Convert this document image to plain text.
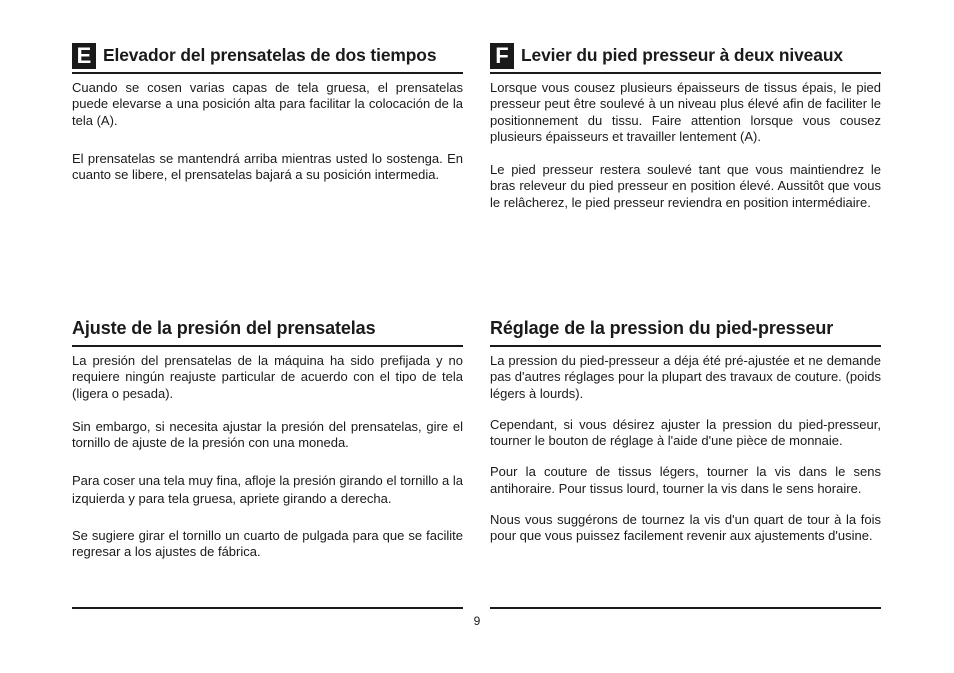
E Elevador del prensatelas de dos tiempos

Cuando se cosen varias capas de tela gruesa, el prensatelas puede elevarse a una posición alta para facilitar la colocación de la tela (A).

El prensatelas se mantendrá arriba mientras usted lo sostenga. En cuanto se libere, el prensatelas bajará a su posición intermedia.

F Levier du pied presseur à deux niveaux

Lorsque vous cousez plusieurs épaisseurs de tissus épais, le pied presseur peut être soulevé à un niveau plus élevé afin de faciliter le positionnement du tissu. Faire attention lorsque vous cousez plusieurs épaisseurs et travailler lentement (A).

Le pied presseur restera soulevé tant que vous maintiendrez le bras releveur du pied presseur en position élevé. Aussitôt que vous le relâcherez, le pied presseur reviendra en position intermédiaire.

Ajuste de la presión del prensatelas

La presión del prensatelas de la máquina ha sido prefijada y no requiere ningún reajuste particular de acuerdo con el tipo de tela (ligera o pesada).

Sin embargo, si necesita ajustar la presión del prensatelas, gire el tornillo de ajuste de la presión con una moneda.

Para coser una tela muy fina, afloje la presión girando el tornillo a la izquierda y para tela gruesa, apriete girando a derecha.

Se sugiere girar el tornillo un cuarto de pulgada para que se facilite regresar a los ajustes de fábrica.

Réglage de la pression du pied-presseur

La pression du pied-presseur a déja été pré-ajustée et ne demande pas d'autres réglages pour la plupart des travaux de couture. (poids légers à lourds).

Cependant, si vous désirez ajuster la pression du pied-presseur, tourner le bouton de réglage à l'aide d'une pièce de monnaie.

Pour la couture de tissus légers, tourner la vis dans le sens antihoraire. Pour tissus lourd, tourner la vis dans le sens horaire.

Nous vous suggérons de tournez la vis d'un quart de tour à la fois pour que vous puissez facilement revenir aux ajustements d'usine.

9
